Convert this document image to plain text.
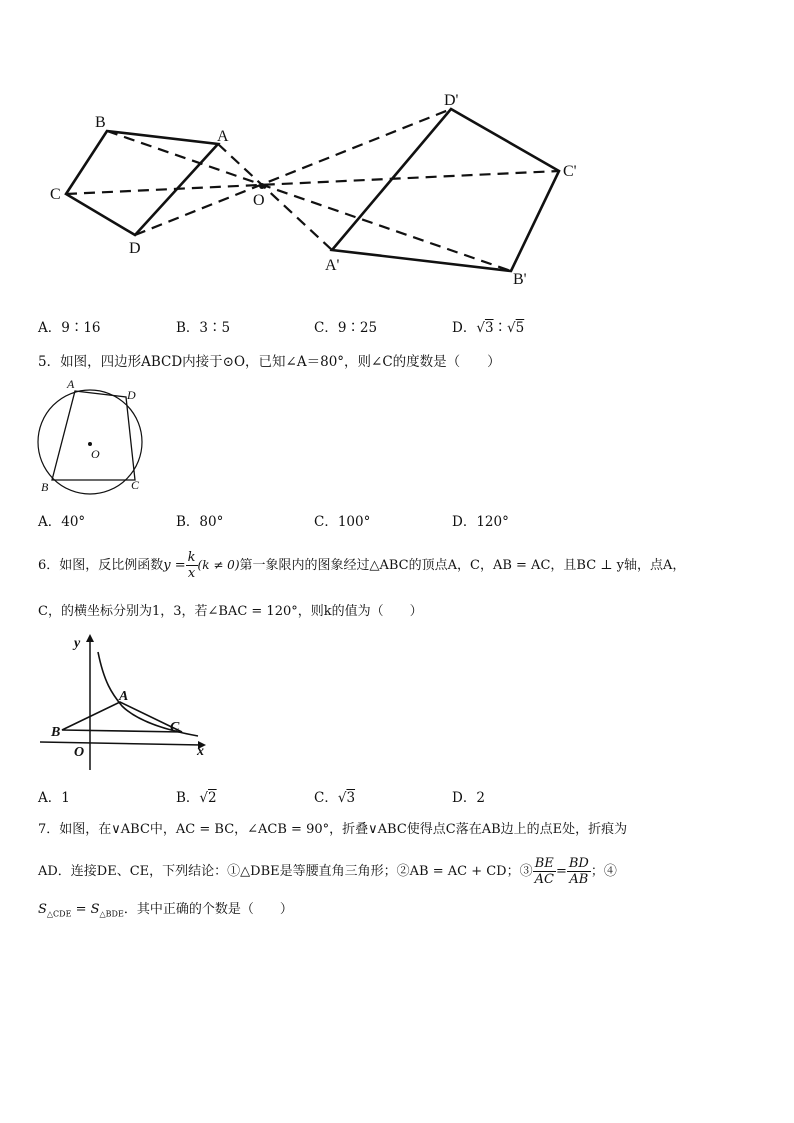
B
A
C
D
O
D'
C'
A'
B'
A．9∶16	B．3∶5	C．9∶25	D．√3∶√5
5．如图，四边形ABCD内接于⊙O，已知∠A＝80°，则∠C的度数是（　　）
A
D
O
B	C
A．40°	B．80°	C．100°	D．120°
6．如图，反比例函数$y = \frac{k}{x} (k \ne 0)$第一象限内的图象经过△ABC的顶点A，C，AB = AC，且BC ⊥ y轴，点A，
C，的横坐标分别为1，3，若∠BAC = 120°，则k的值为（　　）
y
A
B	C
O	x
A．1	B．√2	C．√3	D．2
7．如图，在∨ABC中，AC = BC，∠ACB = 90°，折叠∨ABC使得点C落在AB边上的点E处，折痕为
AD．连接DE、CE，下列结论：①△DBE是等腰直角三角形；②AB = AC + CD；③ $\frac{BE}{AC} = \frac{BD}{AB}$ ；④
$S_{\triangle CDE} = S_{\triangle BDE}$．其中正确的个数是（　　）
